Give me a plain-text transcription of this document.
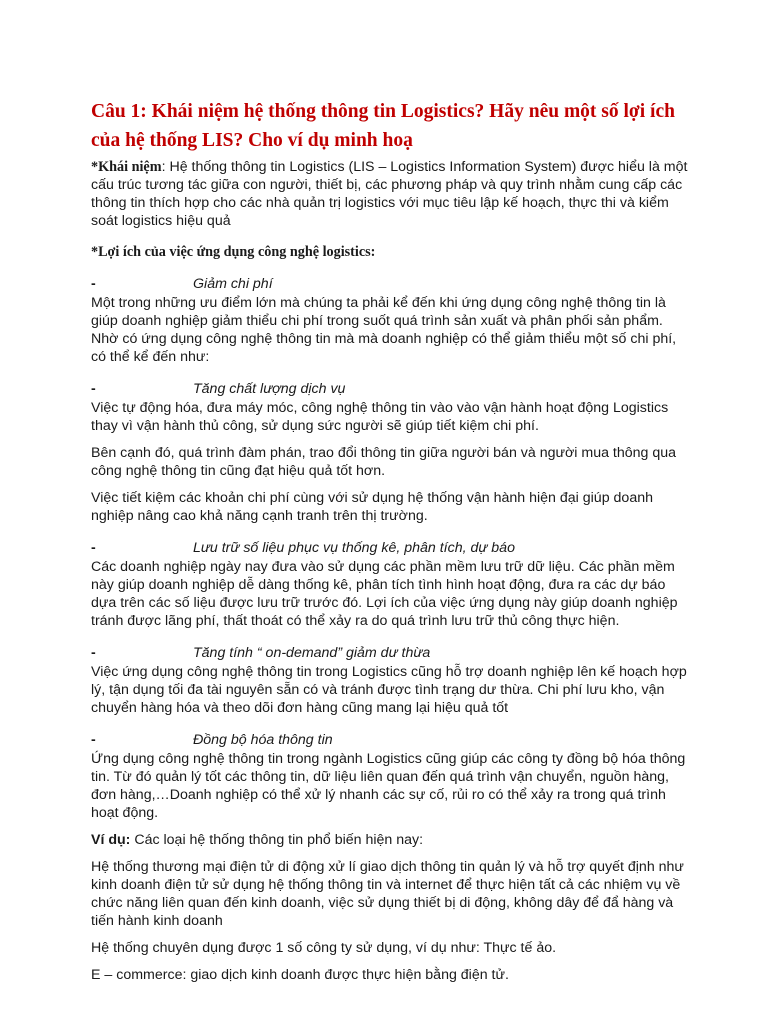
Câu 1: Khái niệm hệ thống thông tin Logistics? Hãy nêu một số lợi ích của hệ thống LIS? Cho ví dụ minh hoạ

*Khái niệm: Hệ thống thông tin Logistics (LIS – Logistics Information System) được hiểu là một cấu trúc tương tác giữa con người, thiết bị, các phương pháp và quy trình nhằm cung cấp các thông tin thích hợp cho các nhà quản trị logistics với mục tiêu lập kế hoạch, thực thi và kiểm soát logistics hiệu quả

*Lợi ích của việc ứng dụng công nghệ logistics:
-	Giảm chi phí

Một trong những ưu điểm lớn mà chúng ta phải kể đến khi ứng dụng công nghệ thông tin là giúp doanh nghiệp giảm thiểu chi phí trong suốt quá trình sản xuất và phân phối sản phẩm. Nhờ có ứng dụng công nghệ thông tin mà mà doanh nghiệp có thể giảm thiểu một số chi phí, có thể kể đến như:

-	Tăng chất lượng dịch vụ

Việc tự động hóa, đưa máy móc, công nghệ thông tin vào vào vận hành hoạt động Logistics thay vì vận hành thủ công, sử dụng sức người sẽ giúp tiết kiệm chi phí.

Bên cạnh đó, quá trình đàm phán, trao đổi thông tin giữa người bán và người mua thông qua công nghệ thông tin cũng đạt hiệu quả tốt hơn.

Việc tiết kiệm các khoản chi phí cùng với sử dụng hệ thống vận hành hiện đại giúp doanh nghiệp nâng cao khả năng cạnh tranh trên thị trường.

-	Lưu trữ số liệu phục vụ thống kê, phân tích, dự báo

Các doanh nghiệp ngày nay đưa vào sử dụng các phần mềm lưu trữ dữ liệu. Các phần mềm này giúp doanh nghiệp dễ dàng thống kê, phân tích tình hình hoạt động, đưa ra các dự báo dựa trên các số liệu được lưu trữ trước đó. Lợi ích của việc ứng dụng này giúp doanh nghiệp tránh được lãng phí, thất thoát có thể xảy ra do quá trình lưu trữ thủ công thực hiện.

-	Tăng tính “ on-demand” giảm dư thừa

Việc ứng dụng công nghệ thông tin trong Logistics cũng hỗ trợ doanh nghiệp lên kế hoạch hợp lý, tận dụng tối đa tài nguyên sẵn có và tránh được tình trạng dư thừa. Chi phí lưu kho, vận chuyển hàng hóa và theo dõi đơn hàng cũng mang lại hiệu quả tốt

-	Đồng bộ hóa thông tin

Ứng dụng công nghệ thông tin trong ngành Logistics cũng giúp các công ty đồng bộ hóa thông tin. Từ đó quản lý tốt các thông tin, dữ liệu liên quan đến quá trình vận chuyển, nguồn hàng, đơn hàng,…Doanh nghiệp có thể xử lý nhanh các sự cố, rủi ro có thể xảy ra trong quá trình hoạt động.

Ví dụ: Các loại hệ thống thông tin phổ biến hiện nay:

Hệ thống thương mại điện tử di động xử lí giao dịch thông tin quản lý và hỗ trợ quyết định như kinh doanh điện tử sử dụng hệ thống thông tin và internet để thực hiện tất cả các nhiệm vụ về chức năng liên quan đến kinh doanh, việc sử dụng thiết bị di động, không dây để đẩ hàng và tiến hành kinh doanh

Hệ thống chuyên dụng được 1 số công ty sử dụng, ví dụ như: Thực tế ảo.

E – commerce: giao dịch kinh doanh được thực hiện bằng điện tử.
